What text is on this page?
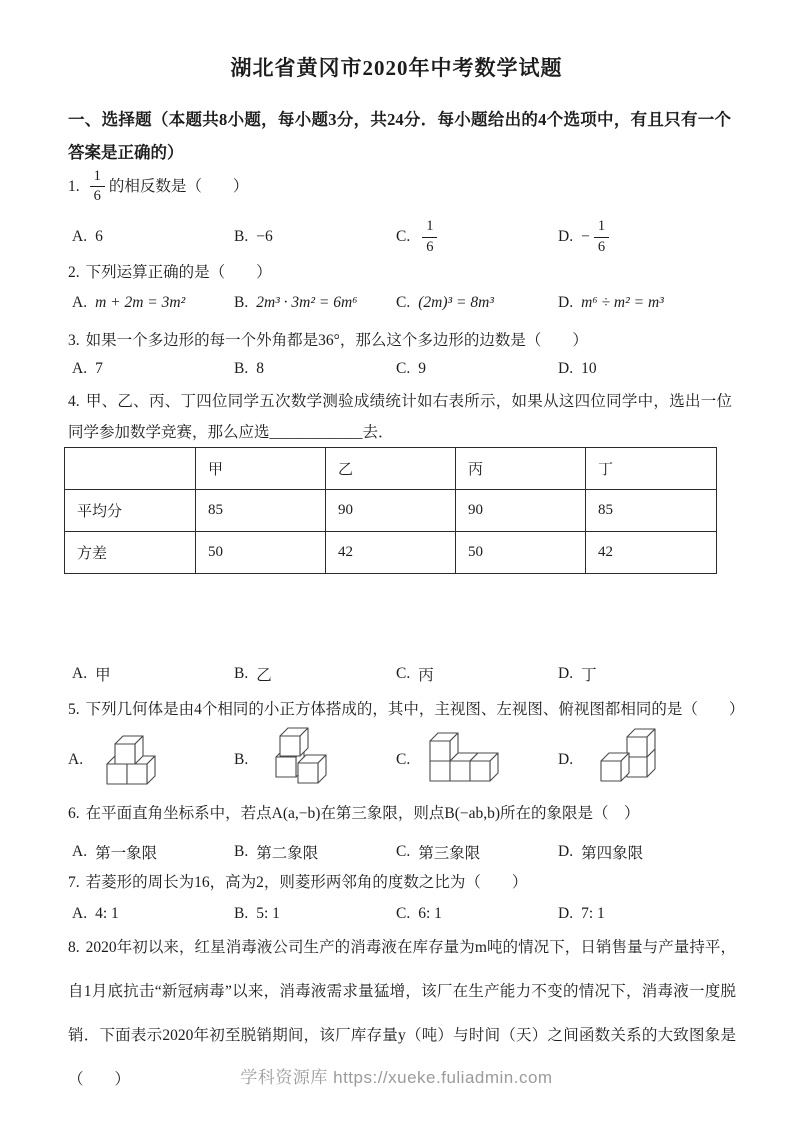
湖北省黄冈市2020年中考数学试题
一、选择题（本题共8小题，每小题3分，共24分．每小题给出的4个选项中，有且只有一个答案是正确的）
1. $\frac{1}{6}$ 的相反数是（　　）
A. 6	B. −6	C. $\frac{1}{6}$	D. − $\frac{1}{6}$
2. 下列运算正确的是（　　）
A. m + 2m = 3m²	B. 2m³ · 3m² = 6m⁶ C. (2m)³ = 8m³	D. m⁶ ÷ m² = m³
3. 如果一个多边形的每一个外角都是36°，那么这个多边形的边数是（　　）
A. 7	B. 8	C. 9	D. 10
4. 甲、乙、丙、丁四位同学五次数学测验成绩统计如右表所示，如果从这四位同学中，选出一位同学参加数学竞赛，那么应选____________去．
	甲	乙	丙	丁
平均分	85	90	90	85
方差	50	42	50	42
A. 甲	B. 乙	C. 丙	D. 丁
5. 下列几何体是由4个相同的小正方体搭成的，其中，主视图、左视图、俯视图都相同的是（　　）
A.	B.	C.	D.
6. 在平面直角坐标系中，若点A(a,−b)在第三象限，则点B(−ab,b)所在的象限是（　）
A. 第一象限	B. 第二象限	C. 第三象限	D. 第四象限
7. 若菱形的周长为16，高为2，则菱形两邻角的度数之比为（　　）
A. 4: 1	B. 5: 1	C. 6: 1	D. 7: 1
8. 2020年初以来，红星消毒液公司生产的消毒液在库存量为m吨的情况下，日销售量与产量持平，自1月底抗击“新冠病毒”以来，消毒液需求量猛增，该厂在生产能力不变的情况下，消毒液一度脱销．下面表示2020年初至脱销期间，该厂库存量y（吨）与时间（天）之间函数关系的大致图象是（　　）	学科资源库 https://xueke.fuliadmin.com
